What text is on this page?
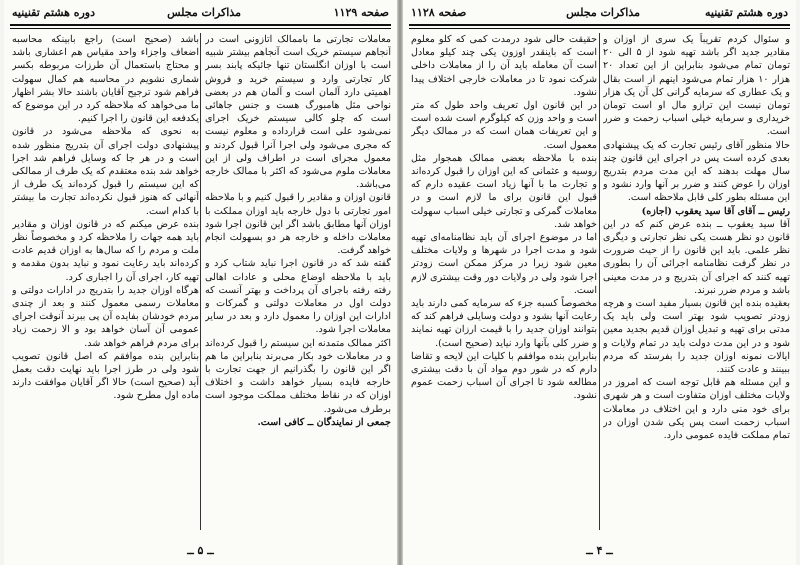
دوره هشتم تقنینیه	مذاکرات مجلس	صفحه ۱۱۲۹

معاملات تجارتی ما باممالک اتازونی است در آنجاهم سیستم خریک است آنجاهم بیشتر شبیه است با اوزان انگلستان تنها جائیکه پابند بسر کار تجارتی وارد و سیستم خرید و فروش اهمیتی دارد آلمان است و آلمان هم در بعضی نواحی مثل هامبورگ هست و جنس جاهائی است که چلو کالی سیستم خریک اجرای نمی‌شود علی است قرارداده و معلوم نیست که مجری می‌شود ولی اجرا آنرا قبول کردند و معمول مجرای است در اطراف ولی از این معاملات ملوم می‌شود که اکثر با ممالک خارجه می‌باشد.

قانون اوزان و مقادیر را قبول کنیم و با ملاحظه امور تجارتی با دول خارجه باید اوزان مملکت با اوزان آنها مطابق باشد اگر این قانون اجرا شود معاملات داخله و خارجه هر دو بسهولت انجام خواهد گرفت.

گفته شد که در قانون اجرا نباید شتاب کرد و باید با ملاحظه اوضاع محلی و عادات اهالی رفته رفته باجرای آن پرداخت و بهتر آنست که دولت اول در معاملات دولتی و گمرکات و ادارات این اوزان را معمول دارد و بعد در سایر معاملات اجرا شود.

اکثر ممالک متمدنه این سیستم را قبول کرده‌اند و در معاملات خود بکار می‌برند بنابراین ما هم اگر این قانون را بگذرانیم از جهت تجارت با خارجه فایده بسیار خواهد داشت و اختلاف اوزان که در نقاط مختلف مملکت موجود است برطرف می‌شود.

جمعی از نمایندگان ــ کافی است.

باشد (صحیح است) راجع بابینکه محاسبه اضعاف واجزاء واحد مقیاس هم اعشاری باشد و محتاج باستعمال آن طرزات مربوطه بکسر شماری نشویم در محاسبه هم کمال سهولت فراهم شود ترجیح آقایان باشند حالا بشر اظهار ما می‌خواهد که ملاحظه کرد در این موضوع که یکدفعه این قانون را اجرا کنیم.

به‌ نحوی که ملاحظه می‌شود در قانون پیشنهادی دولت اجرای آن بتدریج منظور شده است و در هر جا که وسایل فراهم شد اجرا خواهد شد بنده معتقدم که یک طرف از ممالکی که این سیستم را قبول کرده‌اند یک طرف از آنهائی که هنوز قبول نکرده‌اند تجارت ما بیشتر با کدام است.

بنده عرض میکنم که در قانون اوزان و مقادیر باید همه جهات را ملاحظه کرد و مخصوصاً نظر ملت و مردم را که سال‌ها به اوزان قدیم عادت کرده‌اند باید رعایت نمود و نباید بدون مقدمه و تهیه کار، اجرای آن را اجباری کرد.

هرگاه اوزان جدید را بتدریج در ادارات دولتی و معاملات رسمی معمول کنند و بعد از چندی مردم خودشان بفایده آن پی ببرند آنوقت اجرای عمومی آن آسان خواهد بود و الا زحمت زیاد برای مردم فراهم خواهد شد.

بنابراین بنده موافقم که اصل قانون تصویب شود ولی در طرز اجرا باید نهایت دقت بعمل آید (صحیح است) حالا اگر آقایان موافقت دارند ماده اول مطرح شود.

ــ ۵ ــ
دوره هشتم تقنینیه
مذاکرات مجلس
صفحه ۱۱۲۸

و سئوال کردم تقریباً یک سری از اوزان و مقادیر جدید اگر باشد تهیه شود از ۵ الی ۲۰ تومان تمام می‌شود بنابراین از این تعداد ۲۰ هزار ۱۰ هزار تمام می‌شود اینهم از است بقال و یک عطاری که سرمایه گرانی کل آن یک هزار تومان نیست این ترازو مال او است تومان خریداری و سرمایه خیلی اسباب زحمت و ضرر است.

حالا منظور آقای رئیس تجارت که یک پیشنهادی بعدی کرده است پس در اجرای این قانون چند سال مهلت بدهند که این مدت مردم بتدریج اوزان را عوض کنند و ضرر بر آنها وارد نشود و این مسئله بطور کلی قابل ملاحظه است.

رئیس ــ آقای آقا سید یعقوب (اجازه)

آقا سید یعقوب ــ بنده عرض کنم که در این قانون دو نظر هست یکی نظر تجارتی و دیگری نظر علمی. باید این قانون را از حیث ضرورت در نظر گرفت نظامنامه اجرائی آن را بطوری تهیه کنند که اجرای آن بتدریج و در مدت معینی باشد و مردم ضرر نبرند.

بعقیده بنده این قانون بسیار مفید است و هرچه زودتر تصویب شود بهتر است ولی باید یک مدتی برای تهیه و تبدیل اوزان قدیم بجدید معین شود و در این مدت دولت باید در تمام ولایات و ایالات نمونه اوزان جدید را بفرستد که مردم ببینند و عادت کنند.

و این مسئله هم قابل توجه است که امروز در ولایات مختلف اوزان متفاوت است و هر شهری برای خود منی دارد و این اختلاف در معاملات اسباب زحمت است پس یکی شدن اوزان در تمام مملکت فایده عمومی دارد.

حقیقت حالی شود درمدت کمی که کلو معلوم است که باینقدر اوزون یکی چند کیلو معادل است آن معامله باید آن را از معاملات داخلی شرکت نمود تا در معاملات خارجی اختلاف پیدا نشود.

در این قانون اول تعریف واحد طول که متر است و واحد وزن که کیلوگرم است شده است و این تعریفات همان است که در ممالک دیگر معمول است.

بنده با ملاحظه بعضی ممالک همجوار مثل روسیه و عثمانی که این اوزان را قبول کرده‌اند و تجارت ما با آنها زیاد است عقیده دارم که قبول این قانون برای ما لازم است و در معاملات گمرکی و تجارتی خیلی اسباب سهولت خواهد شد.

اما در موضوع اجرای آن باید نظامنامه‌ای تهیه شود و مدت اجرا در شهرها و ولایات مختلف معین شود زیرا در مرکز ممکن است زودتر اجرا شود ولی در ولایات دور وقت بیشتری لازم است.

مخصوصاً کسبه جزء که سرمایه کمی دارند باید رعایت آنها بشود و دولت وسایلی فراهم کند که بتوانند اوزان جدید را با قیمت ارزان تهیه نمایند و ضرر کلی بآنها وارد نیاید (صحیح است).

بنابراین بنده موافقم با کلیات این لایحه و تقاضا دارم که در شور دوم مواد آن با دقت بیشتری مطالعه شود تا اجرای آن اسباب زحمت عموم نشود.

ــ ۴ ــ
